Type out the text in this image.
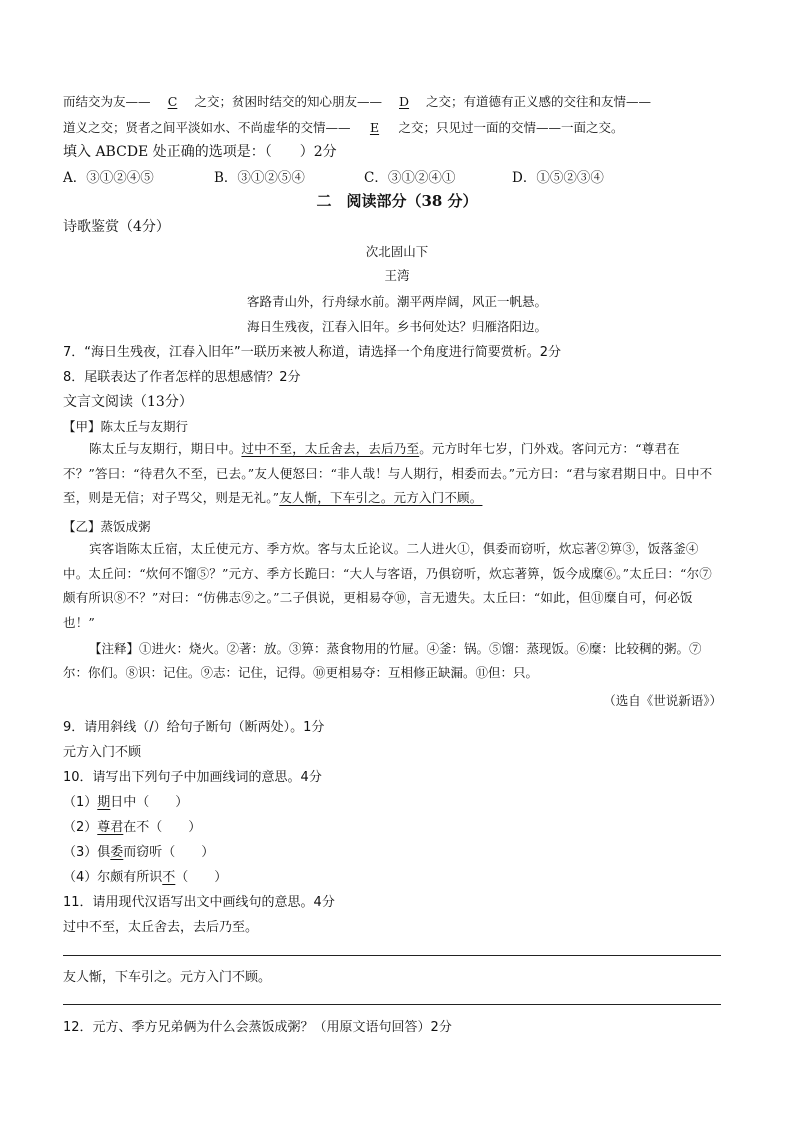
而结交为友—— C 之交；贫困时结交的知心朋友—— D 之交；有道德有正义感的交往和友情——
道义之交；贤者之间平淡如水、不尚虚华的交情—— E 之交；只见过一面的交情——一面之交。
填入 ABCDE 处正确的选项是：（　　）2分
A．③①②④⑤	B．③①②⑤④	C．③①②④①	D．①⑤②③④
二　阅读部分（38 分）
诗歌鉴赏（4分）
次北固山下
王湾
客路青山外，行舟绿水前。潮平两岸阔，风正一帆悬。
海日生残夜，江春入旧年。乡书何处达？归雁洛阳边。
7．“海日生残夜，江春入旧年”一联历来被人称道，请选择一个角度进行简要赏析。2分
8．尾联表达了作者怎样的思想感情？2分
文言文阅读（13分）
【甲】陈太丘与友期行
陈太丘与友期行，期日中。过中不至，太丘舍去，去后乃至。元方时年七岁，门外戏。客问元方：“尊君在不？”答曰：“待君久不至，已去。”友人便怒曰：“非人哉！与人期行，相委而去。”元方曰：“君与家君期日中。日中不至，则是无信；对子骂父，则是无礼。”友人惭，下车引之。元方入门不顾。
【乙】蒸饭成粥
宾客诣陈太丘宿，太丘使元方、季方炊。客与太丘论议。二人进火①，俱委而窃听，炊忘著②箅③，饭落釜④中。太丘问：“炊何不馏⑤？”元方、季方长跪曰：“大人与客语，乃俱窃听，炊忘著箅，饭今成糜⑥。”太丘曰：“尔⑦颇有所识⑧不？”对曰：“仿佛志⑨之。”二子俱说，更相易夺⑩，言无遗失。太丘曰：“如此，但⑪糜自可，何必饭也！”
【注释】①进火：烧火。②著：放。③箅：蒸食物用的竹屉。④釜：锅。⑤馏：蒸现饭。⑥糜：比较稠的粥。⑦尔：你们。⑧识：记住。⑨志：记住，记得。⑩更相易夺：互相修正缺漏。⑪但：只。
（选自《世说新语》）
9．请用斜线（/）给句子断句（断两处）。1分
元方入门不顾
10．请写出下列句子中加画线词的意思。4分
（1）期日中（　　）
（2）尊君在不（　　）
（3）俱委而窃听（　　）
（4）尔颇有所识不（　　）
11．请用现代汉语写出文中画线句的意思。4分
过中不至，太丘舍去，去后乃至。
友人惭，下车引之。元方入门不顾。
12．元方、季方兄弟俩为什么会蒸饭成粥？（用原文语句回答）2分
